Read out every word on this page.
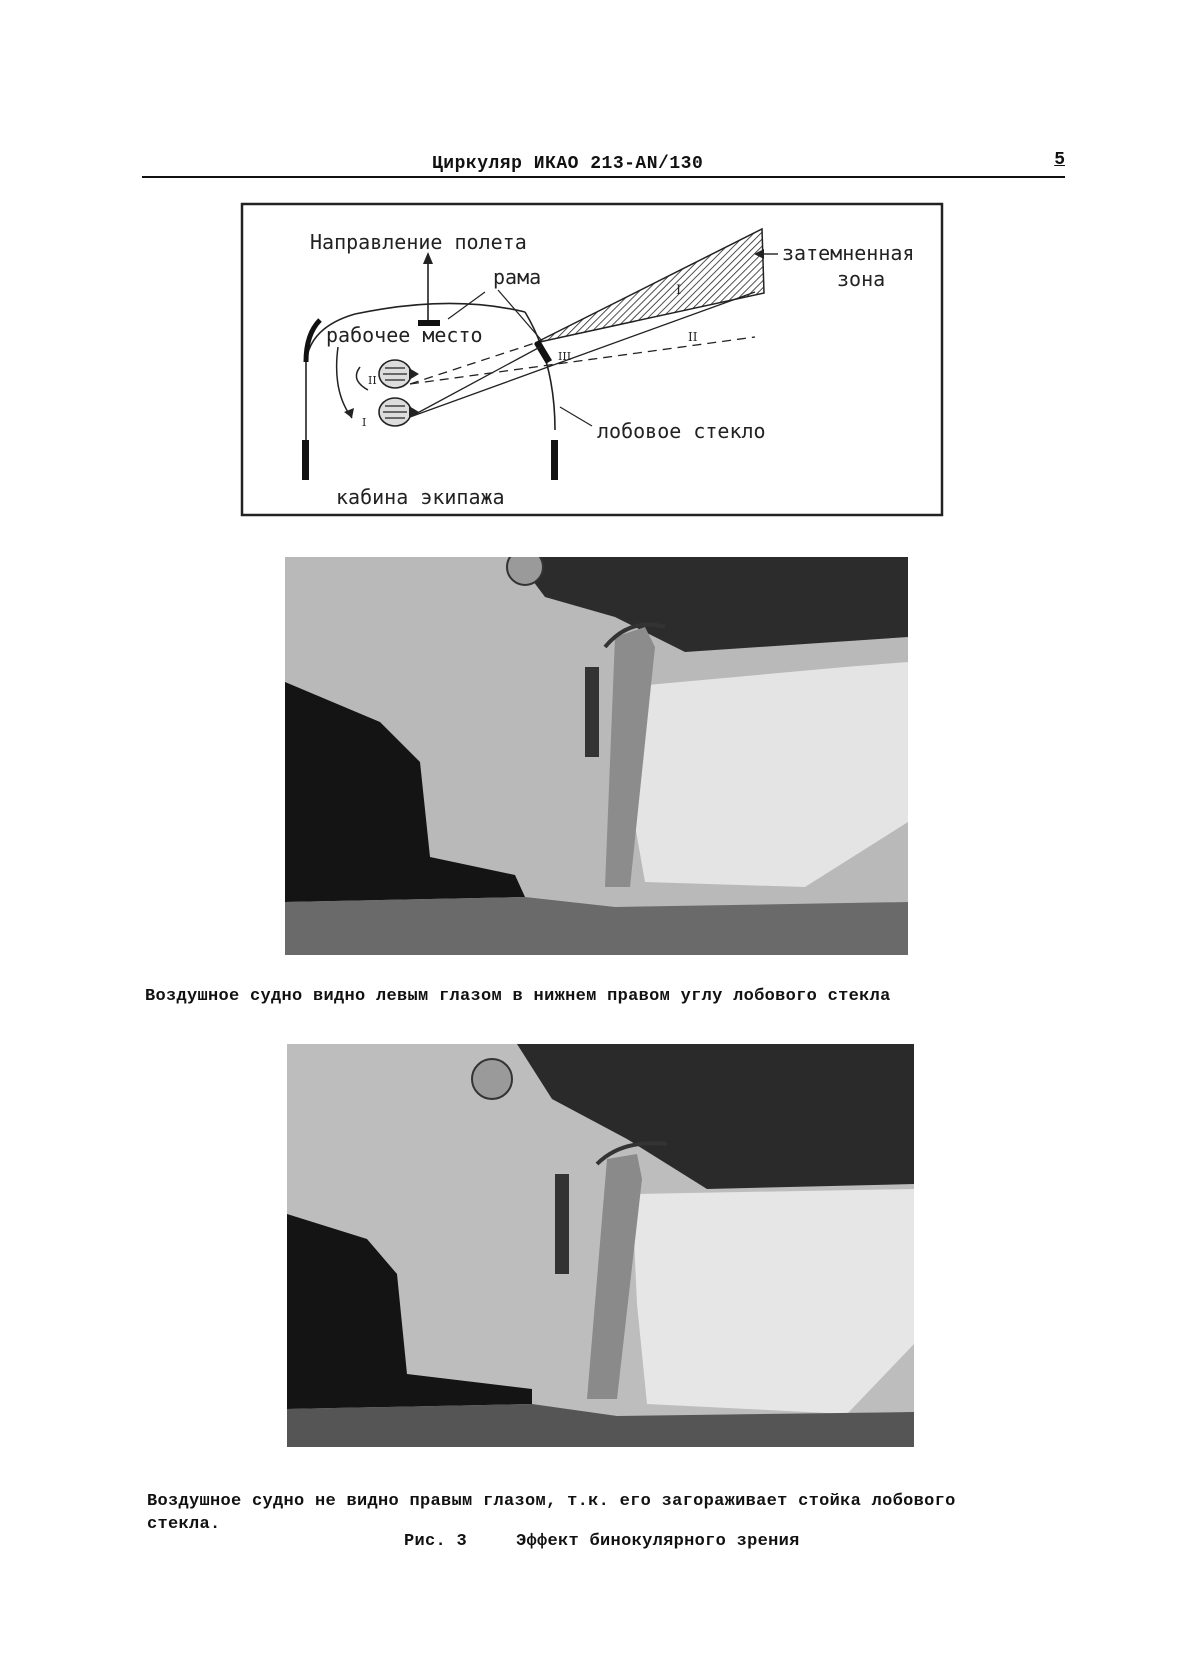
Циркуляр ИКАО 213-AN/130	5
Направление полета
рама
затемненная
зона
рабочее место
лобовое стекло
кабина экипажа
I
II
III
II
I
Воздушное судно видно левым глазом в нижнем правом углу лобового стекла
Воздушное судно не видно правым глазом, т.к. его загораживает стойка лобового
стекла.
Рис. 3	Эффект бинокулярного зрения
